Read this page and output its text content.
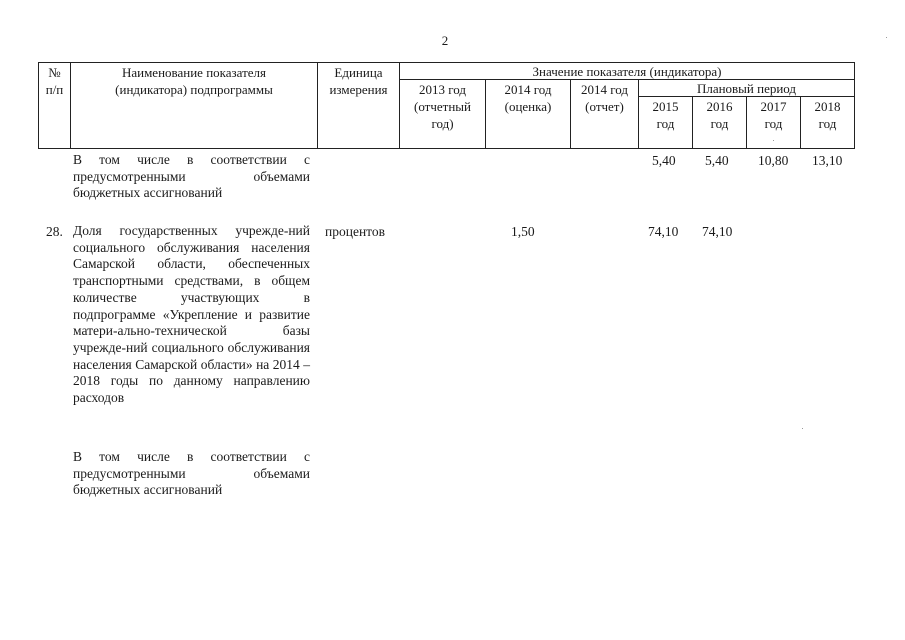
2
№
п/п
Наименование показателя
(индикатора) подпрограммы
Единица
измерения
Значение показателя (индикатора)
2013 год
(отчетный
год)
2014 год
(оценка)
2014 год
(отчет)
Плановый период
2015
год
2016
год
2017
год
2018
год
В том числе в соответствии с предусмотренными объемами бюджетных ассигнований
5,40 5,40 10,80 13,10
28. Доля государственных учрежде-ний социального обслуживания населения Самарской области, обеспеченных транспортными средствами, в общем количестве участвующих в подпрограмме «Укрепление и развитие матери-ально-технической базы учрежде-ний социального обслуживания населения Самарской области» на 2014 – 2018 годы по данному направлению расходов
процентов	1,50	74,10 74,10
В том числе в соответствии с предусмотренными объемами бюджетных ассигнований
